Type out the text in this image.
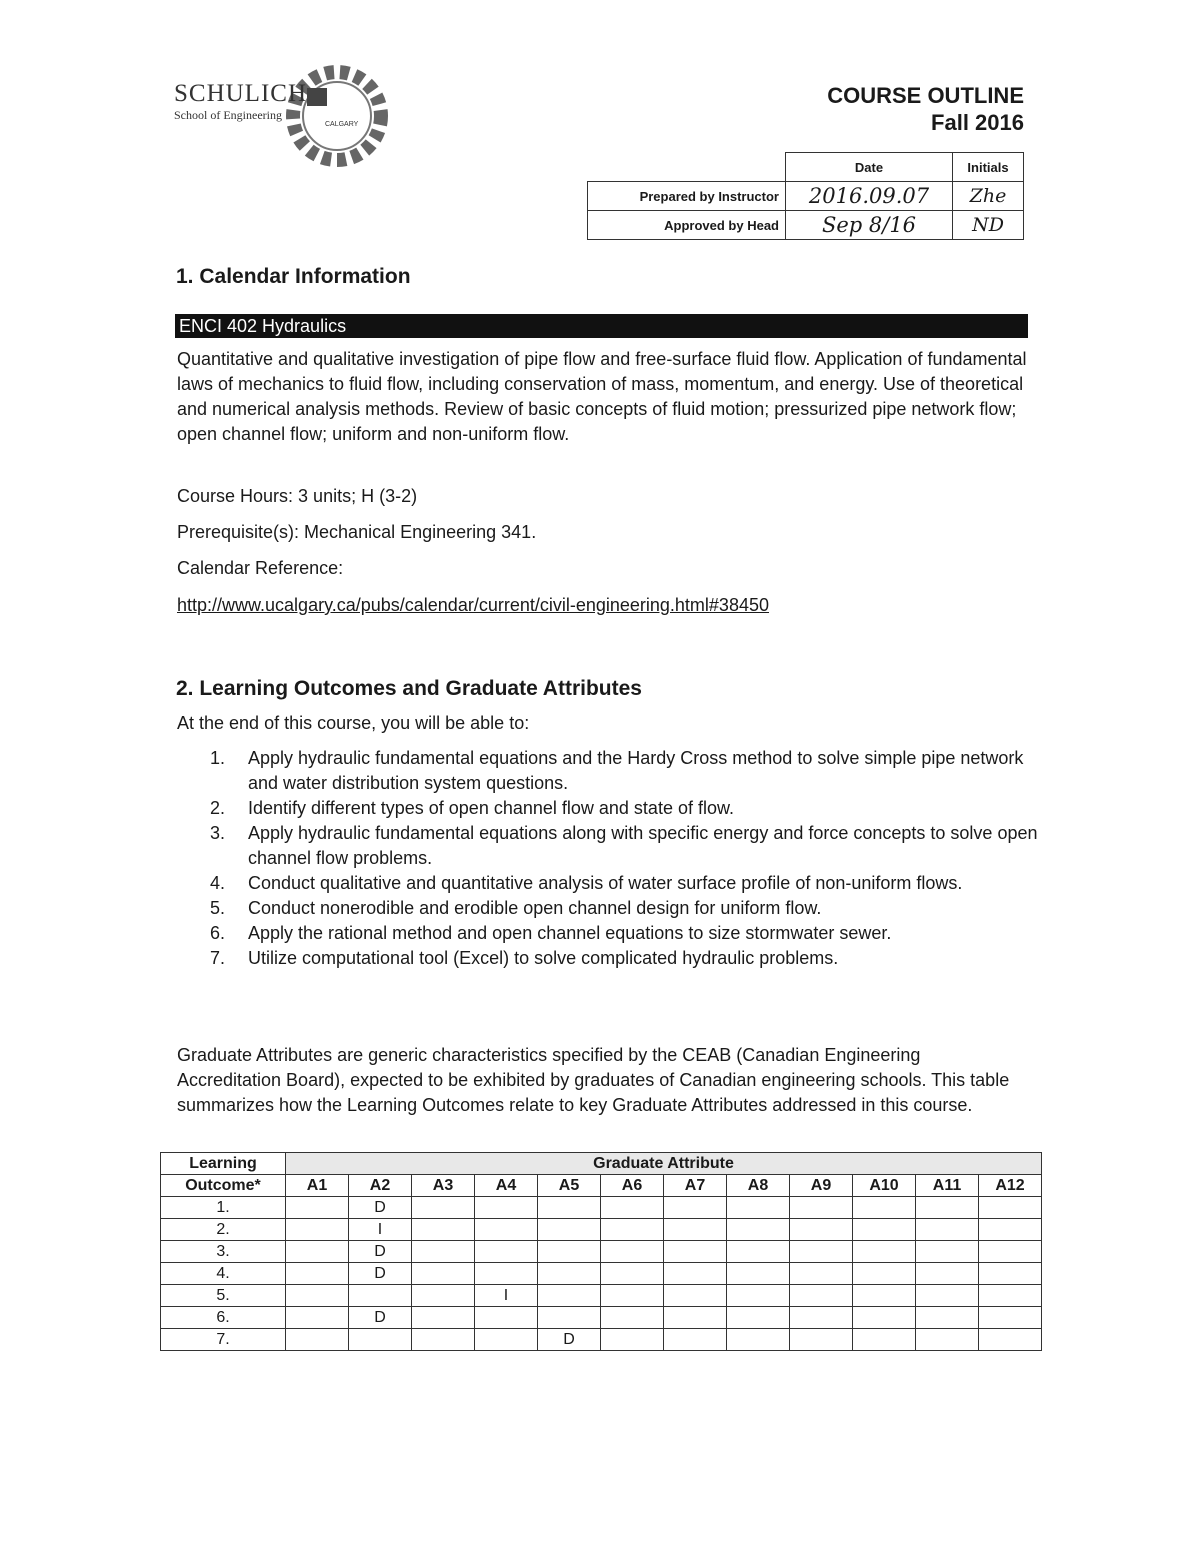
CALGARY
SCHULICH
School of Engineering
COURSE OUTLINE
Fall 2016
	Date	Initials
Prepared by Instructor	2016.09.07	Zhe
Approved by Head	Sep 8/16	ND
1. Calendar Information
ENCI 402 Hydraulics
Quantitative and qualitative investigation of pipe flow and free-surface fluid flow. Application of fundamental laws of mechanics to fluid flow, including conservation of mass, momentum, and energy. Use of theoretical and numerical analysis methods. Review of basic concepts of fluid motion; pressurized pipe network flow; open channel flow; uniform and non-uniform flow.
Course Hours: 3 units; H (3-2)
Prerequisite(s): Mechanical Engineering 341.
Calendar Reference:
http://www.ucalgary.ca/pubs/calendar/current/civil-engineering.html#38450
2. Learning Outcomes and Graduate Attributes
At the end of this course, you will be able to:
1.	Apply hydraulic fundamental equations and the Hardy Cross method to solve simple pipe network and water distribution system questions.
2.	Identify different types of open channel flow and state of flow.
3.	Apply hydraulic fundamental equations along with specific energy and force concepts to solve open channel flow problems.
4.	Conduct qualitative and quantitative analysis of water surface profile of non-uniform flows.
5.	Conduct nonerodible and erodible open channel design for uniform flow.
6.	Apply the rational method and open channel equations to size stormwater sewer.
7.	Utilize computational tool (Excel) to solve complicated hydraulic problems.
Graduate Attributes are generic characteristics specified by the CEAB (Canadian Engineering Accreditation Board), expected to be exhibited by graduates of Canadian engineering schools. This table summarizes how the Learning Outcomes relate to key Graduate Attributes addressed in this course.
Learning	Graduate Attribute											
Outcome*	A1	A2	A3	A4	A5	A6	A7	A8	A9	A10	A11	A12
1.		D										
2.		I										
3.		D										
4.		D										
5.				I								
6.		D										
7.					D							
